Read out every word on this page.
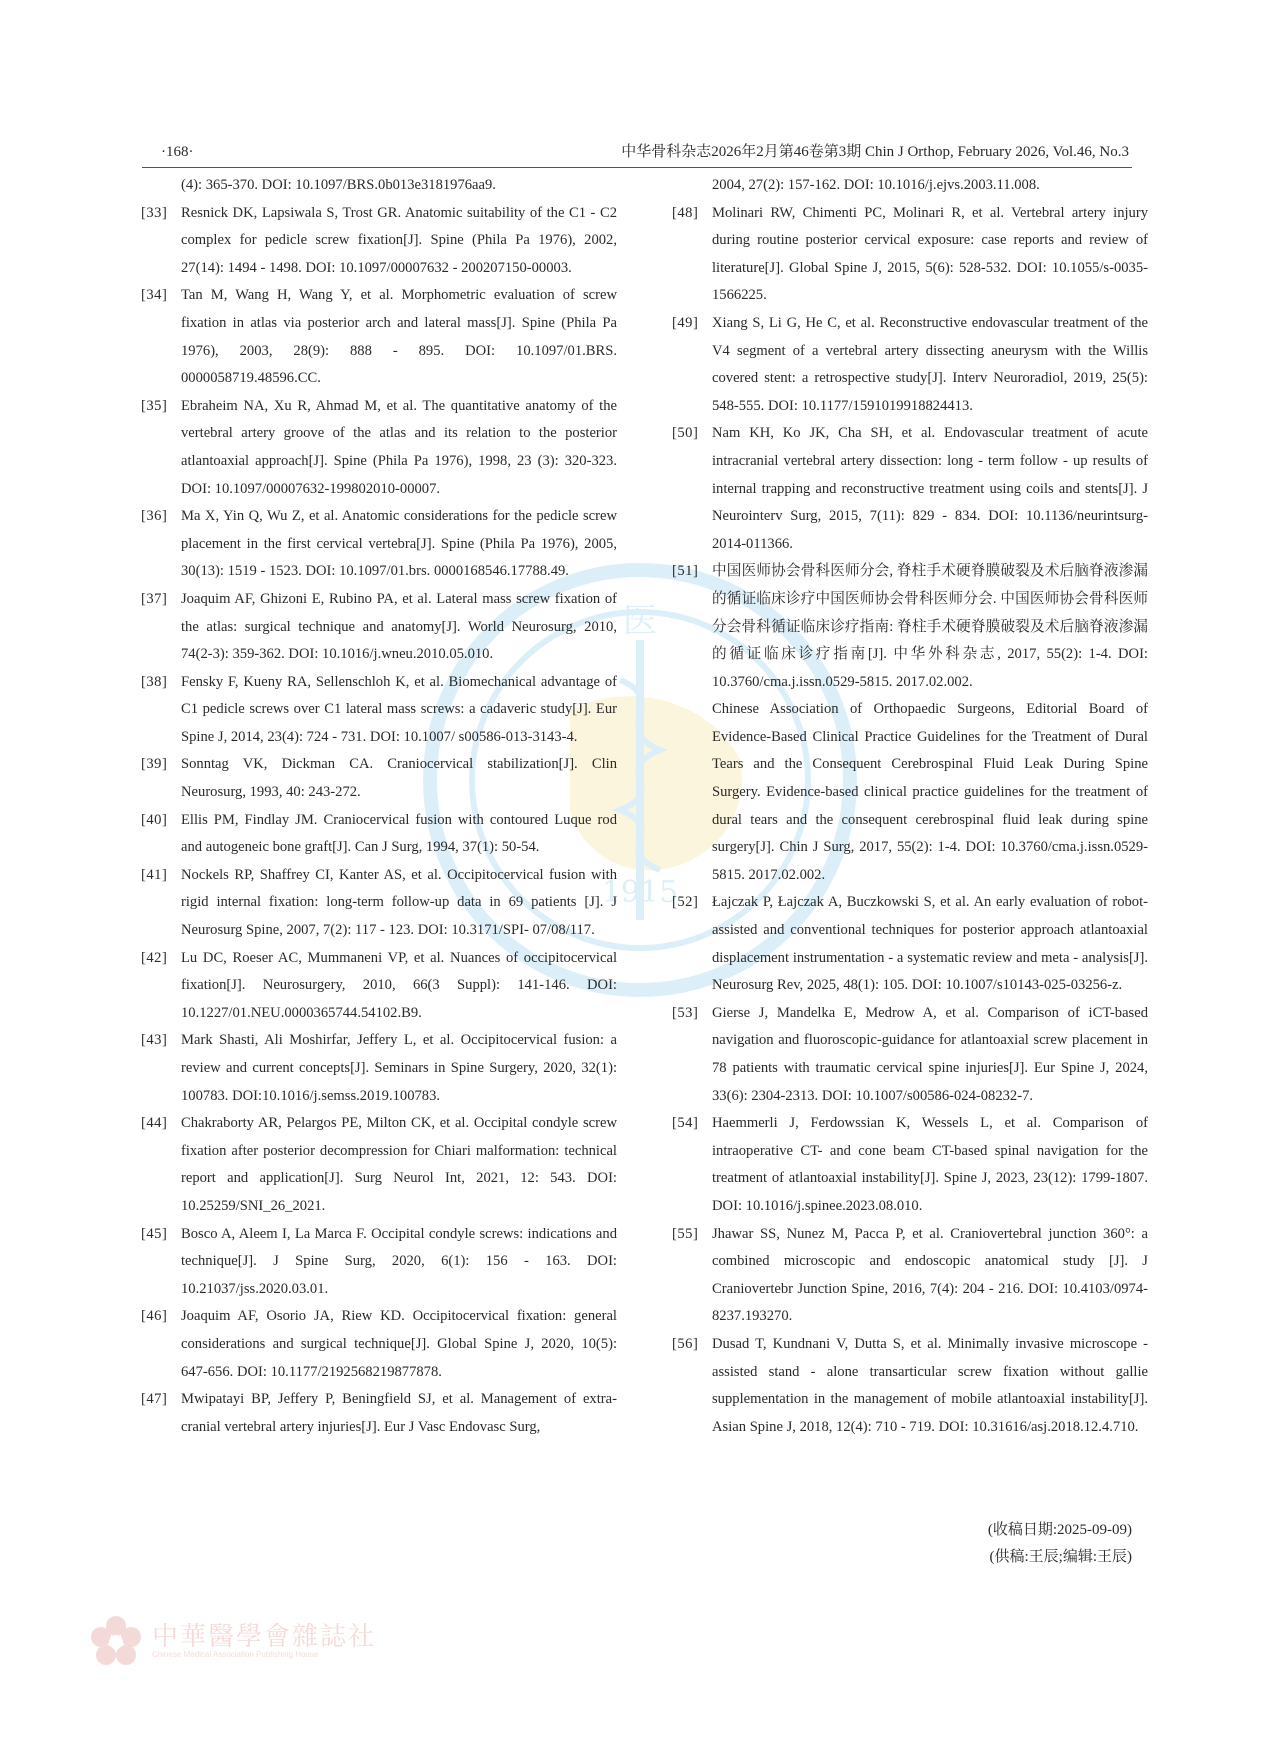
·168·	中华骨科杂志2026年2月第46卷第3期 Chin J Orthop, February 2026, Vol.46, No.3
医
1915

(4): 365-370. DOI: 10.1097/BRS.0b013e3181976aa9.

[33] Resnick DK, Lapsiwala S, Trost GR. Anatomic suitability of the C1 - C2 complex for pedicle screw fixation[J]. Spine (Phila Pa 1976), 2002, 27(14): 1494 - 1498. DOI: 10.1097/00007632 - 200207150-00003.

[34] Tan M, Wang H, Wang Y, et al. Morphometric evaluation of screw fixation in atlas via posterior arch and lateral mass[J]. Spine (Phila Pa 1976), 2003, 28(9): 888 - 895. DOI: 10.1097/01.BRS. 0000058719.48596.CC.

[35] Ebraheim NA, Xu R, Ahmad M, et al. The quantitative anatomy of the vertebral artery groove of the atlas and its relation to the posterior atlantoaxial approach[J]. Spine (Phila Pa 1976), 1998, 23 (3): 320-323. DOI: 10.1097/00007632-199802010-00007.

[36] Ma X, Yin Q, Wu Z, et al. Anatomic considerations for the pedicle screw placement in the first cervical vertebra[J]. Spine (Phila Pa 1976), 2005, 30(13): 1519 - 1523. DOI: 10.1097/01.brs. 0000168546.17788.49.

[37] Joaquim AF, Ghizoni E, Rubino PA, et al. Lateral mass screw fixation of the atlas: surgical technique and anatomy[J]. World Neurosurg, 2010, 74(2-3): 359-362. DOI: 10.1016/j.wneu.2010.05.010.

[38] Fensky F, Kueny RA, Sellenschloh K, et al. Biomechanical advantage of C1 pedicle screws over C1 lateral mass screws: a cadaveric study[J]. Eur Spine J, 2014, 23(4): 724 - 731. DOI: 10.1007/ s00586-013-3143-4.

[39] Sonntag VK, Dickman CA. Craniocervical stabilization[J]. Clin Neurosurg, 1993, 40: 243-272.

[40] Ellis PM, Findlay JM. Craniocervical fusion with contoured Luque rod and autogeneic bone graft[J]. Can J Surg, 1994, 37(1): 50-54.

[41] Nockels RP, Shaffrey CI, Kanter AS, et al. Occipitocervical fusion with rigid internal fixation: long-term follow-up data in 69 patients [J]. J Neurosurg Spine, 2007, 7(2): 117 - 123. DOI: 10.3171/SPI- 07/08/117.

[42] Lu DC, Roeser AC, Mummaneni VP, et al. Nuances of occipitocervical fixation[J]. Neurosurgery, 2010, 66(3 Suppl): 141-146. DOI: 10.1227/01.NEU.0000365744.54102.B9.

[43] Mark Shasti, Ali Moshirfar, Jeffery L, et al. Occipitocervical fusion: a review and current concepts[J]. Seminars in Spine Surgery, 2020, 32(1): 100783. DOI:10.1016/j.semss.2019.100783.

[44] Chakraborty AR, Pelargos PE, Milton CK, et al. Occipital condyle screw fixation after posterior decompression for Chiari malformation: technical report and application[J]. Surg Neurol Int, 2021, 12: 543. DOI: 10.25259/SNI_26_2021.

[45] Bosco A, Aleem I, La Marca F. Occipital condyle screws: indications and technique[J]. J Spine Surg, 2020, 6(1): 156 - 163. DOI: 10.21037/jss.2020.03.01.

[46] Joaquim AF, Osorio JA, Riew KD. Occipitocervical fixation: general considerations and surgical technique[J]. Global Spine J, 2020, 10(5): 647-656. DOI: 10.1177/2192568219877878.

[47] Mwipatayi BP, Jeffery P, Beningfield SJ, et al. Management of extra-cranial vertebral artery injuries[J]. Eur J Vasc Endovasc Surg,

2004, 27(2): 157-162. DOI: 10.1016/j.ejvs.2003.11.008.

[48] Molinari RW, Chimenti PC, Molinari R, et al. Vertebral artery injury during routine posterior cervical exposure: case reports and review of literature[J]. Global Spine J, 2015, 5(6): 528-532. DOI: 10.1055/s-0035-1566225.

[49] Xiang S, Li G, He C, et al. Reconstructive endovascular treatment of the V4 segment of a vertebral artery dissecting aneurysm with the Willis covered stent: a retrospective study[J]. Interv Neuroradiol, 2019, 25(5): 548-555. DOI: 10.1177/1591019918824413.

[50] Nam KH, Ko JK, Cha SH, et al. Endovascular treatment of acute intracranial vertebral artery dissection: long - term follow - up results of internal trapping and reconstructive treatment using coils and stents[J]. J Neurointerv Surg, 2015, 7(11): 829 - 834. DOI: 10.1136/neurintsurg-2014-011366.

[51] 中国医师协会骨科医师分会, 脊柱手术硬脊膜破裂及术后脑脊液渗漏的循证临床诊疗中国医师协会骨科医师分会. 中国医师协会骨科医师分会骨科循证临床诊疗指南: 脊柱手术硬脊膜破裂及术后脑脊液渗漏的循证临床诊疗指南[J]. 中华外科杂志, 2017, 55(2): 1-4. DOI: 10.3760/cma.j.issn.0529-5815. 2017.02.002.

Chinese Association of Orthopaedic Surgeons, Editorial Board of Evidence-Based Clinical Practice Guidelines for the Treatment of Dural Tears and the Consequent Cerebrospinal Fluid Leak During Spine Surgery. Evidence-based clinical practice guidelines for the treatment of dural tears and the consequent cerebrospinal fluid leak during spine surgery[J]. Chin J Surg, 2017, 55(2): 1-4. DOI: 10.3760/cma.j.issn.0529-5815. 2017.02.002.

[52] Łajczak P, Łajczak A, Buczkowski S, et al. An early evaluation of robot-assisted and conventional techniques for posterior approach atlantoaxial displacement instrumentation - a systematic review and meta - analysis[J]. Neurosurg Rev, 2025, 48(1): 105. DOI: 10.1007/s10143-025-03256-z.

[53] Gierse J, Mandelka E, Medrow A, et al. Comparison of iCT-based navigation and fluoroscopic-guidance for atlantoaxial screw placement in 78 patients with traumatic cervical spine injuries[J]. Eur Spine J, 2024, 33(6): 2304-2313. DOI: 10.1007/s00586-024-08232-7.

[54] Haemmerli J, Ferdowssian K, Wessels L, et al. Comparison of intraoperative CT- and cone beam CT-based spinal navigation for the treatment of atlantoaxial instability[J]. Spine J, 2023, 23(12): 1799-1807. DOI: 10.1016/j.spinee.2023.08.010.

[55] Jhawar SS, Nunez M, Pacca P, et al. Craniovertebral junction 360°: a combined microscopic and endoscopic anatomical study [J]. J Craniovertebr Junction Spine, 2016, 7(4): 204 - 216. DOI: 10.4103/0974-8237.193270.

[56] Dusad T, Kundnani V, Dutta S, et al. Minimally invasive microscope - assisted stand - alone transarticular screw fixation without gallie supplementation in the management of mobile atlantoaxial instability[J]. Asian Spine J, 2018, 12(4): 710 - 719. DOI: 10.31616/asj.2018.12.4.710.

(收稿日期:2025-09-09)
(供稿:王辰;编辑:王辰)
中華醫學會雜誌社
Chinese Medical Association Publishing House
